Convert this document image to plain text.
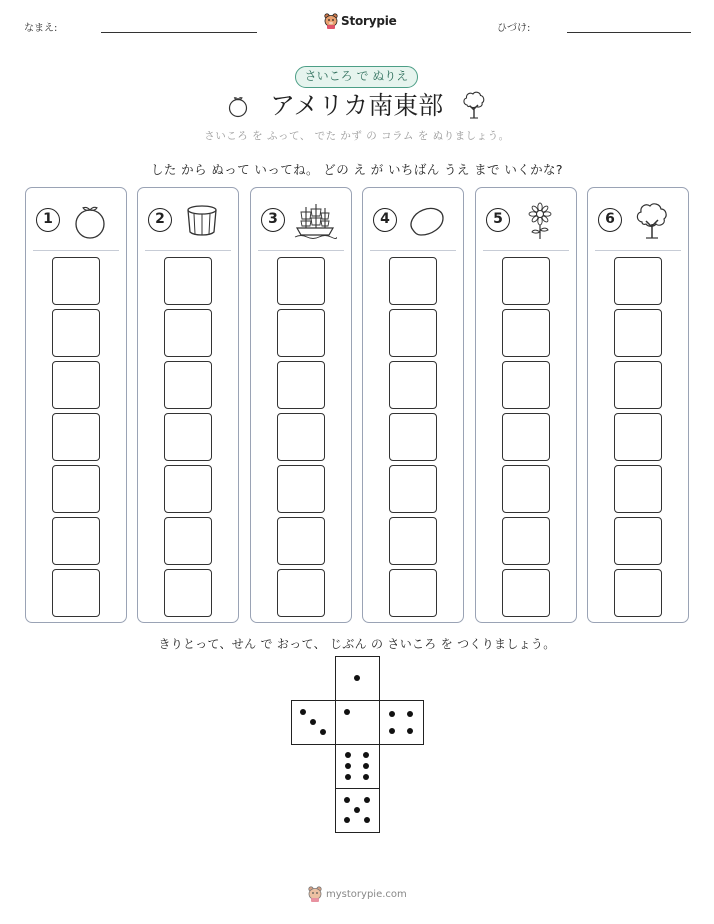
なまえ:
Storypie
ひづけ:
さいころ で ぬりえ
アメリカ南東部
さいころ を ふって、 でた かず の コラム を ぬりましょう。
した から ぬって いってね。 どの え が いちばん うえ まで いくかな?
1	2	3	4	5	6
きりとって、せん で おって、 じぶん の さいころ を つくりましょう。
mystorypie.com
